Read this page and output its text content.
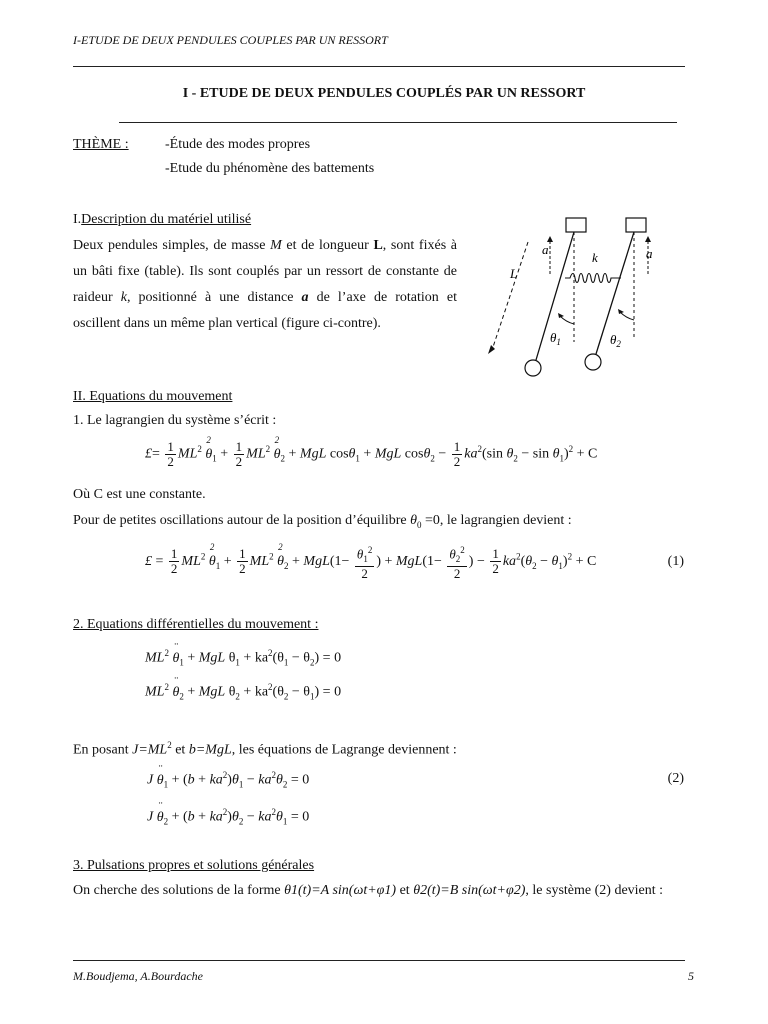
I-ETUDE DE DEUX PENDULES COUPLES PAR UN RESSORT
I - ETUDE DE DEUX PENDULES COUPLÉS PAR UN RESSORT
THÈME :	-Étude des modes propres
-Etude du phénomène des battements
I.Description du matériel utilisé
Deux pendules simples, de masse M et de longueur L, sont fixés à un bâti fixe (table). Ils sont couplés par un ressort de constante de raideur k, positionné à une distance a de l’axe de rotation et oscillent dans un même plan vertical (figure ci-contre).
a	a
k
L
$\theta_1$	$\theta_2$
II. Equations du mouvement
1. Le lagrangien du système s’écrit :
£= $\frac{1}{2} ML^2$ 2 $\theta_1 + \frac{1}{2} ML^2$ 2 $\theta_2$ + MgL cosθ$_1$ + MgL $\cos\theta_2 - \frac{1}{2} ka^2(\sin$ $\theta_2 - \sin \theta_1)^2 + C$
Où C est une constante.
Pour de petites oscillations autour de la position d’équilibre $\theta_0 =0$, le lagrangien devient :
£ = $\frac{1}{2} ML^2$ 2 $\theta_1 + \frac{1}{2} ML^2$ 2 $\theta_2 + MgL(1- \frac{\theta_1^2}{2}$ ) + $MgL(1- \frac{\theta_2^2}{2}$ ) − $\frac{1}{2} ka^2(\theta_2 - \theta_1)^2 + C$	(1)
2. Equations différentielles du mouvement :
$ML^2$ ¨ $\theta_1$ + MgL $\theta_1 + ka^2(\theta_1 - \theta_2) = 0$
$ML^2$ ¨ $\theta_2$ + MgL $\theta_2 + ka^2(\theta_2 - \theta_1) = 0$
En posant $J=ML^2$ et b=MgL, les équations de Lagrange deviennent :
J ¨ $\theta_1 + (b + ka^2)\theta_1 - ka^2\theta_2 = 0$	(2)
J ¨ $\theta_2 + (b + ka^2)\theta_2 - ka^2\theta_1 = 0$
3. Pulsations propres et solutions générales
On cherche des solutions de la forme θ1(t)=A sin(ωt+φ1) et θ2(t)=B sin(ωt+φ2), le système (2) devient :
M.Boudjema, A.Bourdache	5
